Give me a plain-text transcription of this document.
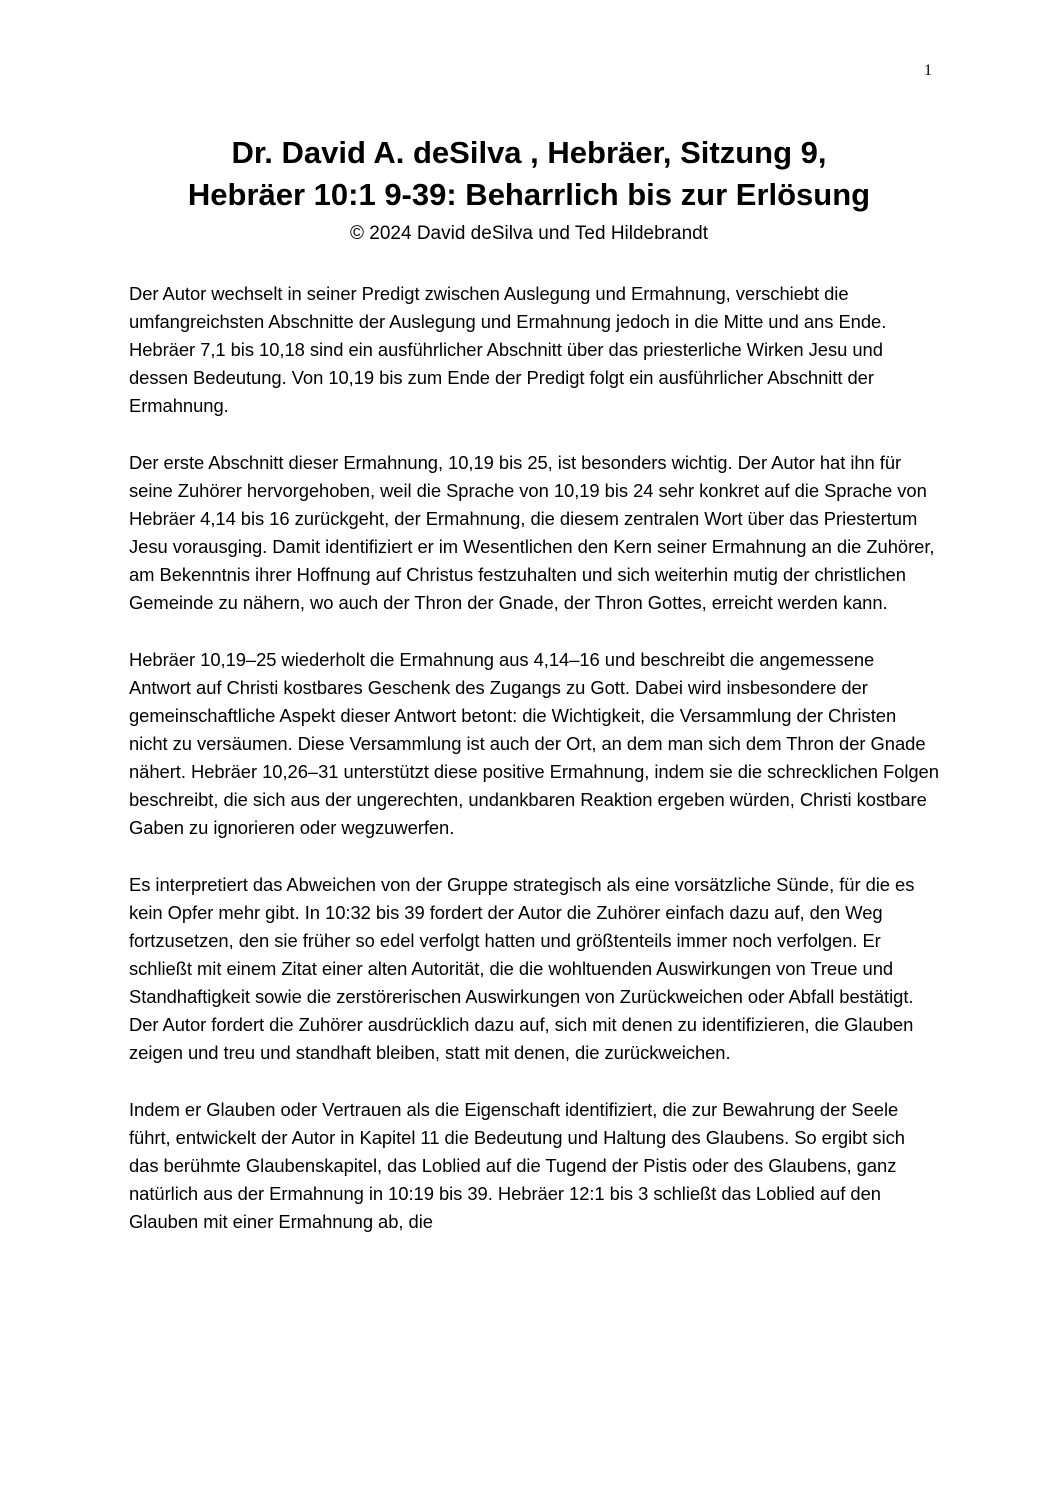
1
Dr. David A. deSilva , Hebräer, Sitzung 9,
Hebräer 10:1 9-39: Beharrlich bis zur Erlösung
© 2024 David deSilva und Ted Hildebrandt

Der Autor wechselt in seiner Predigt zwischen Auslegung und Ermahnung, verschiebt die umfangreichsten Abschnitte der Auslegung und Ermahnung jedoch in die Mitte und ans Ende. Hebräer 7,1 bis 10,18 sind ein ausführlicher Abschnitt über das priesterliche Wirken Jesu und dessen Bedeutung. Von 10,19 bis zum Ende der Predigt folgt ein ausführlicher Abschnitt der Ermahnung.

Der erste Abschnitt dieser Ermahnung, 10,19 bis 25, ist besonders wichtig. Der Autor hat ihn für seine Zuhörer hervorgehoben, weil die Sprache von 10,19 bis 24 sehr konkret auf die Sprache von Hebräer 4,14 bis 16 zurückgeht, der Ermahnung, die diesem zentralen Wort über das Priestertum Jesu vorausging. Damit identifiziert er im Wesentlichen den Kern seiner Ermahnung an die Zuhörer, am Bekenntnis ihrer Hoffnung auf Christus festzuhalten und sich weiterhin mutig der christlichen Gemeinde zu nähern, wo auch der Thron der Gnade, der Thron Gottes, erreicht werden kann.

Hebräer 10,19–25 wiederholt die Ermahnung aus 4,14–16 und beschreibt die angemessene Antwort auf Christi kostbares Geschenk des Zugangs zu Gott. Dabei wird insbesondere der gemeinschaftliche Aspekt dieser Antwort betont: die Wichtigkeit, die Versammlung der Christen nicht zu versäumen. Diese Versammlung ist auch der Ort, an dem man sich dem Thron der Gnade nähert. Hebräer 10,26–31 unterstützt diese positive Ermahnung, indem sie die schrecklichen Folgen beschreibt, die sich aus der ungerechten, undankbaren Reaktion ergeben würden, Christi kostbare Gaben zu ignorieren oder wegzuwerfen.

Es interpretiert das Abweichen von der Gruppe strategisch als eine vorsätzliche Sünde, für die es kein Opfer mehr gibt. In 10:32 bis 39 fordert der Autor die Zuhörer einfach dazu auf, den Weg fortzusetzen, den sie früher so edel verfolgt hatten und größtenteils immer noch verfolgen. Er schließt mit einem Zitat einer alten Autorität, die die wohltuenden Auswirkungen von Treue und Standhaftigkeit sowie die zerstörerischen Auswirkungen von Zurückweichen oder Abfall bestätigt. Der Autor fordert die Zuhörer ausdrücklich dazu auf, sich mit denen zu identifizieren, die Glauben zeigen und treu und standhaft bleiben, statt mit denen, die zurückweichen.

Indem er Glauben oder Vertrauen als die Eigenschaft identifiziert, die zur Bewahrung der Seele führt, entwickelt der Autor in Kapitel 11 die Bedeutung und Haltung des Glaubens. So ergibt sich das berühmte Glaubenskapitel, das Loblied auf die Tugend der Pistis oder des Glaubens, ganz natürlich aus der Ermahnung in 10:19 bis 39. Hebräer 12:1 bis 3 schließt das Loblied auf den Glauben mit einer Ermahnung ab, die
